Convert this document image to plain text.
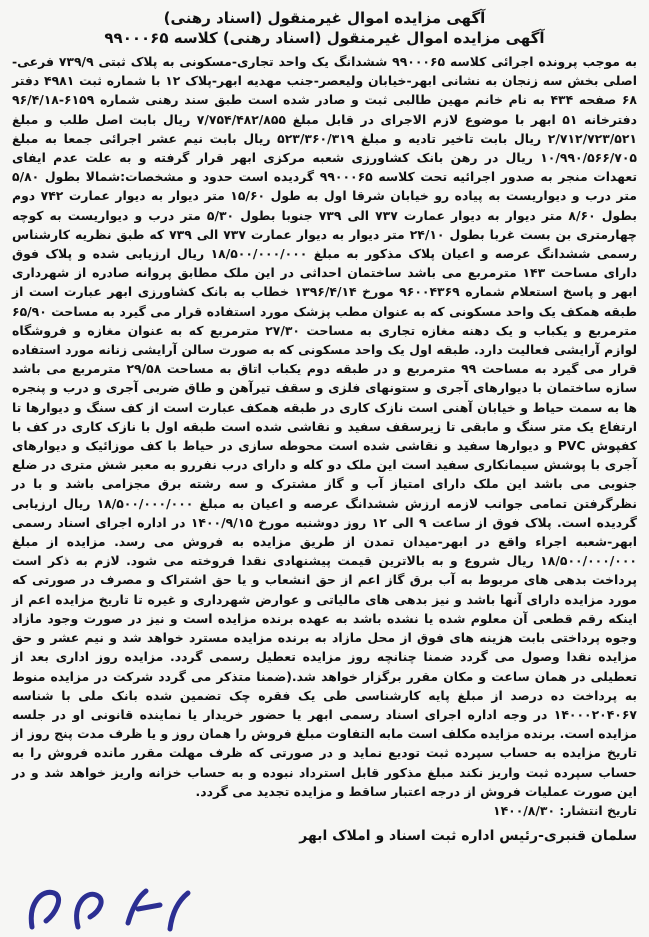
آگهی مزایده اموال غیرمنقول (اسناد رهنی)
آگهی مزایده اموال غیرمنقول (اسناد رهنی) کلاسه ۹۹۰۰۰۶۵

به موجب پرونده اجرائی کلاسه ۹۹۰۰۰۶۵ ششدانگ یک واحد تجاری-مسکونی به پلاک ثبتی ۷۳۹/۹ فرعی-اصلی بخش سه زنجان به نشانی ابهر-خیابان ولیعصر-جنب مهدیه ابهر-پلاک ۱۲ با شماره ثبت ۴۹۸۱ دفتر ۶۸ صفحه ۴۳۴ به نام خانم مهین طالبی ثبت و صادر شده است طبق سند رهنی شماره ۶۱۵۹-۹۶/۴/۱۸ دفترخانه ۵۱ ابهر با موضوع لازم الاجرای در قابل مبلغ ۷/۷۵۴/۴۸۲/۸۵۵ ریال بابت اصل طلب و مبلغ ۲/۷۱۲/۷۲۳/۵۲۱ ریال بابت تاخیر تادیه و مبلغ ۵۲۳/۳۶۰/۳۱۹ ریال بابت نیم عشر اجرائی جمعا به مبلغ ۱۰/۹۹۰/۵۶۶/۷۰۵ ریال در رهن بانک کشاورزی شعبه مرکزی ابهر قرار گرفته و به علت عدم ایفای تعهدات منجر به صدور اجرائیه تحت کلاسه ۹۹۰۰۰۶۵ گردیده است حدود و مشخصات:شمالا بطول ۵/۸۰ متر درب و دیواریست به پیاده رو خیابان شرقا اول به طول ۱۵/۶۰ متر دیوار به دیوار عمارت ۷۴۲ دوم بطول ۸/۶۰ متر دیوار به دیوار عمارت ۷۳۷ الی ۷۳۹ جنوبا بطول ۵/۳۰ متر درب و دیواریست به کوچه چهارمتری بن بست غربا بطول ۲۴/۱۰ متر دیوار به دیوار عمارت ۷۳۷ الی ۷۳۹ که طبق نظریه کارشناس رسمی ششدانگ عرصه و اعیان پلاک مذکور به مبلغ ۱۸/۵۰۰/۰۰۰/۰۰۰ ریال ارزیابی شده و پلاک فوق دارای مساحت ۱۴۳ مترمربع می باشد ساختمان احداثی در این ملک مطابق پروانه صادره از شهرداری ابهر و پاسخ استعلام شماره ۹۶۰۰۴۳۶۹ مورخ ۱۳۹۶/۴/۱۴ خطاب به بانک کشاورزی ابهر عبارت است از طبقه همکف یک واحد مسکونی که به عنوان مطب پزشک مورد استفاده قرار می گیرد به مساحت ۶۵/۹۰ مترمربع و یکباب و یک دهنه مغازه تجاری به مساحت ۲۷/۳۰ مترمربع که به عنوان مغازه و فروشگاه لوازم آرایشی فعالیت دارد. طبقه اول یک واحد مسکونی که به صورت سالن آرایشی زنانه مورد استفاده قرار می گیرد به مساحت ۹۹ مترمربع و در طبقه دوم یکباب اتاق به مساحت ۲۹/۵۸ مترمربع می باشد سازه ساختمان با دیوارهای آجری و ستونهای فلزی و سقف تیرآهن و طاق ضربی آجری و درب و پنجره ها به سمت حیاط و خیابان آهنی است نازک کاری در طبقه همکف عبارت است از کف سنگ و دیوارها تا ارتفاع یک متر سنگ و مابقی تا زیرسقف سفید و نقاشی شده است طبقه اول با نازک کاری در کف با کفپوش PVC و دیوارها سفید و نقاشی شده است محوطه سازی در حیاط با کف موزائیک و دیوارهای آجری با پوشش سیمانکاری سفید است این ملک دو کله و دارای درب نفررو به معبر شش متری در ضلع جنوبی می باشد این ملک دارای امتیاز آب و گاز مشترک و سه رشته برق مجزامی باشد و با در نظرگرفتن تمامی جوانب لازمه ارزش ششدانگ عرصه و اعیان به مبلغ ۱۸/۵۰۰/۰۰۰/۰۰۰ ریال ارزیابی گردیده است. پلاک فوق از ساعت ۹ الی ۱۲ روز دوشنبه مورخ ۱۴۰۰/۹/۱۵ در اداره اجرای اسناد رسمی ابهر-شعبه اجراء واقع در ابهر-میدان تمدن از طریق مزایده به فروش می رسد. مزایده از مبلغ ۱۸/۵۰۰/۰۰۰/۰۰۰ ریال شروع و به بالاترین قیمت پیشنهادی نقدا فروخته می شود. لازم به ذکر است پرداخت بدهی های مربوط به آب برق گاز اعم از حق انشعاب و یا حق اشتراک و مصرف در صورتی که مورد مزایده دارای آنها باشد و نیز بدهی های مالیاتی و عوارض شهرداری و غیره تا تاریخ مزایده اعم از اینکه رقم قطعی آن معلوم شده یا نشده باشد به عهده برنده مزایده است و نیز در صورت وجود مازاد وجوه پرداختی بابت هزینه های فوق از محل مازاد به برنده مزایده مسترد خواهد شد و نیم عشر و حق مزایده نقدا وصول می گردد ضمنا چنانچه روز مزایده تعطیل رسمی گردد. مزایده روز اداری بعد از تعطیلی در همان ساعت و مکان مقرر برگزار خواهد شد.(ضمنا متذکر می گردد شرکت در مزایده منوط به پرداخت ده درصد از مبلغ پایه کارشناسی طی یک فقره چک تضمین شده بانک ملی با شناسه ۱۴۰۰۰۲۰۴۰۶۷ در وجه اداره اجرای اسناد رسمی ابهر یا حضور خریدار یا نماینده قانونی او در جلسه مزایده است. برنده مزایده مکلف است مابه التفاوت مبلغ فروش را همان روز و یا ظرف مدت پنج روز از تاریخ مزایده به حساب سپرده ثبت تودیع نماید و در صورتی که ظرف مهلت مقرر مانده فروش را به حساب سپرده ثبت واریز نکند مبلغ مذکور قابل استرداد نبوده و به حساب خزانه واریز خواهد شد و در این صورت عملیات فروش از درجه اعتبار ساقط و مزایده تجدید می گردد.

تاریخ انتشار: ۱۴۰۰/۸/۳۰
سلمان قنبری-رئیس اداره ثبت اسناد و املاک ابهر
